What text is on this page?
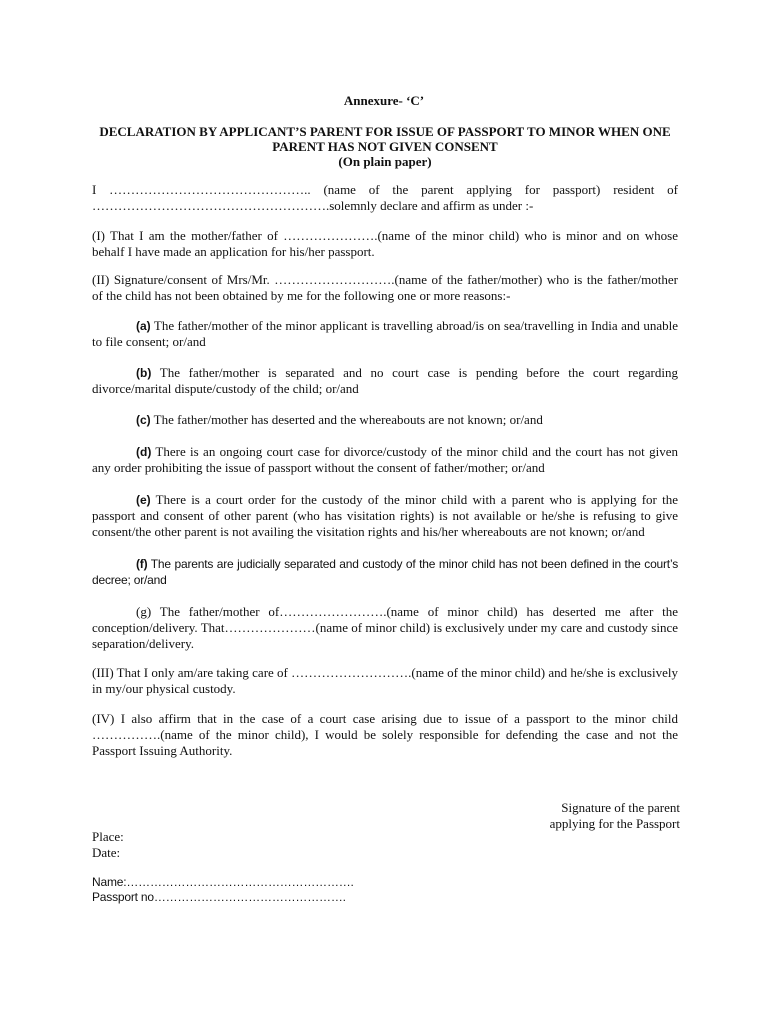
Annexure- ‘C’
DECLARATION BY APPLICANT’S PARENT FOR ISSUE OF PASSPORT TO MINOR WHEN ONE
PARENT HAS NOT GIVEN CONSENT
(On plain paper)
I ……………………………………….. (name of the parent applying for passport) resident of ……………………………………………….solemnly declare and affirm as under :-
(I) That I am the mother/father of ………………….(name of the minor child) who is minor and on whose behalf I have made an application for his/her passport.
(II) Signature/consent of Mrs/Mr. ……………………….(name of the father/mother) who is the father/mother of the child has not been obtained by me for the following one or more reasons:-
(a) The father/mother of the minor applicant is travelling abroad/is on sea/travelling in India and unable to file consent; or/and
(b) The father/mother is separated and no court case is pending before the court regarding divorce/marital dispute/custody of the child; or/and
(c) The father/mother has deserted and the whereabouts are not known; or/and
(d) There is an ongoing court case for divorce/custody of the minor child and the court has not given any order prohibiting the issue of passport without the consent of father/mother; or/and
(e) There is a court order for the custody of the minor child with a parent who is applying for the passport and consent of other parent (who has visitation rights) is not available or he/she is refusing to give consent/the other parent is not availing the visitation rights and his/her whereabouts are not known; or/and
(f) The parents are judicially separated and custody of the minor child has not been defined in the court’s decree; or/and
(g) The father/mother of…………………….(name of minor child) has deserted me after the conception/delivery. That…………………(name of minor child) is exclusively under my care and custody since separation/delivery.
(III) That I only am/are taking care of ……………………….(name of the minor child) and he/she is exclusively in my/our physical custody.
(IV) I also affirm that in the case of a court case arising due to issue of a passport to the minor child …………….(name of the minor child), I would be solely responsible for defending the case and not the Passport Issuing Authority.
Signature of the parent
applying for the Passport
Place:
Date:
Name:………………………………………………….
Passport no………………………………………….
